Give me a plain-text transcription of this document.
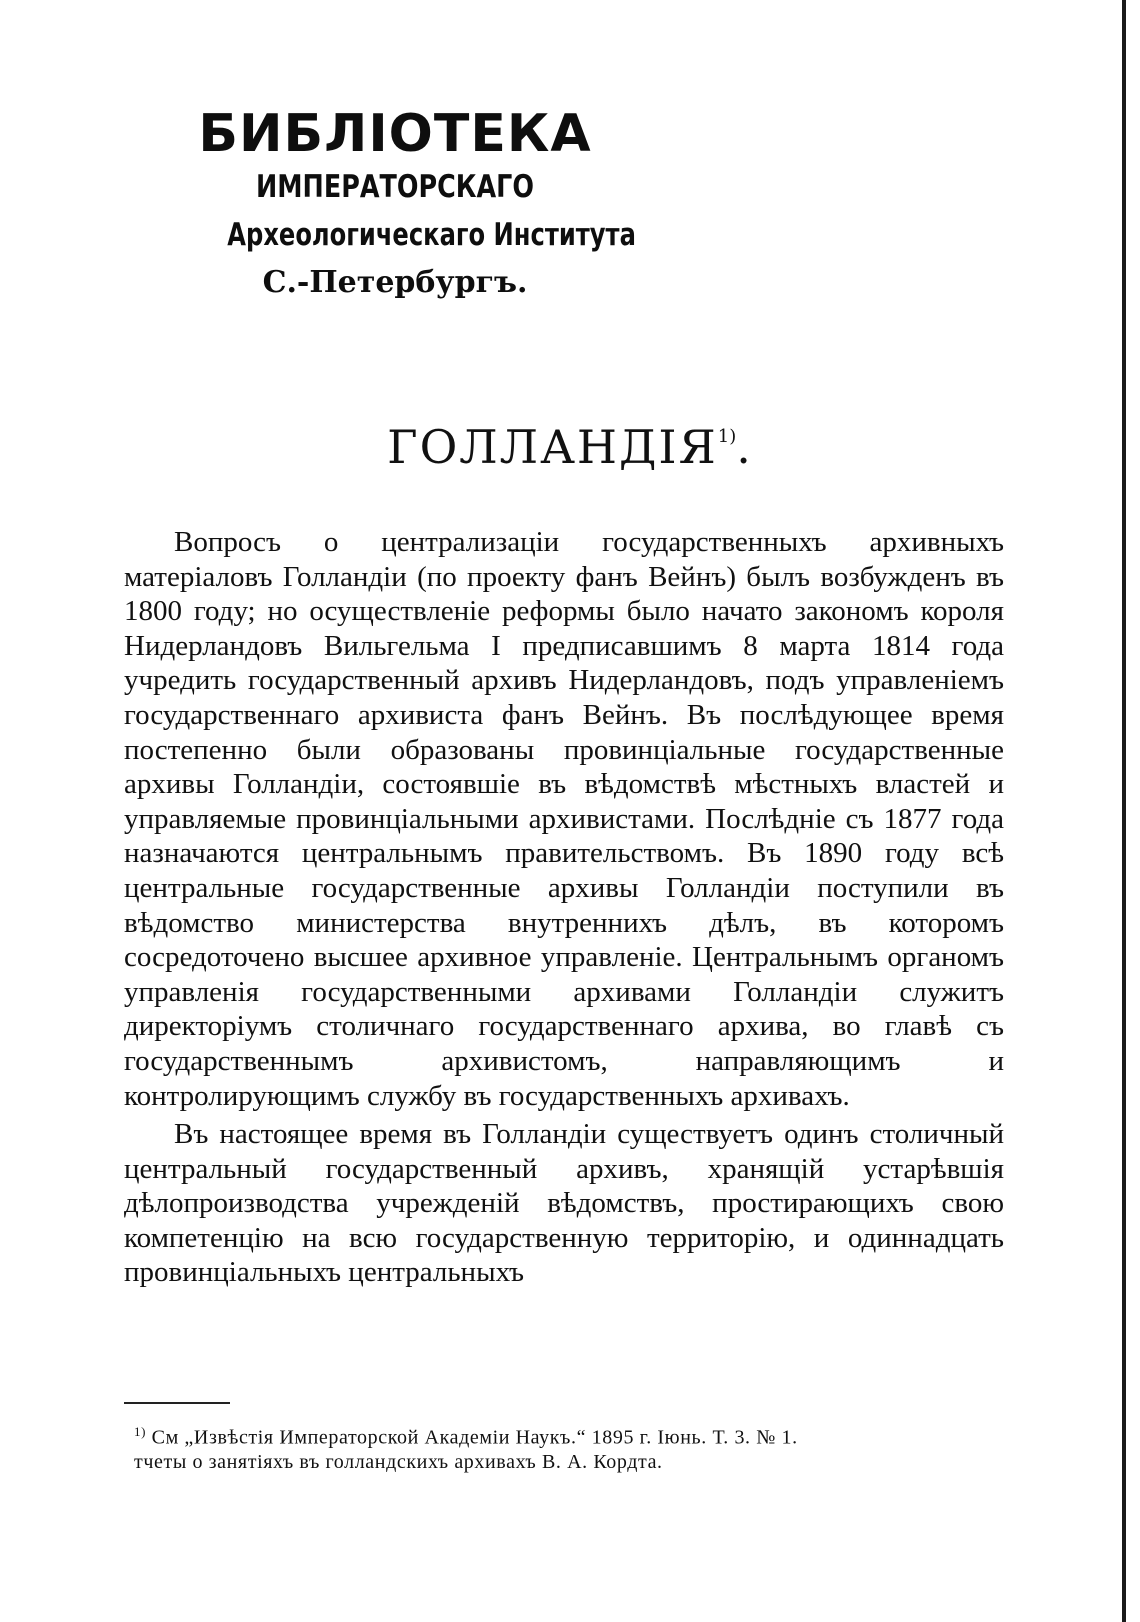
БИБЛІОТЕКА
ИМПЕРАТОРСКАГО
Археологическаго Института
С.-Петербургъ.
ГОЛЛАНДІЯ$^{1)}$.

Вопросъ о централизаціи государственныхъ архивныхъ матеріаловъ Голландіи (по проекту фанъ Вейнъ) былъ возбужденъ въ 1800 году; но осуществленіе реформы было начато закономъ короля Нидерландовъ Вильгельма I предписавшимъ 8 марта 1814 года учредить государственный архивъ Нидерландовъ, подъ управленіемъ государственнаго архивиста фанъ Вейнъ. Въ послѣдующее время постепенно были образованы провинціальные государственные архивы Голландіи, состоявшіе въ вѣдомствѣ мѣстныхъ властей и управляемые провинціальными архивистами. Послѣдніе съ 1877 года назначаются центральнымъ правительствомъ. Въ 1890 году всѣ центральные государственные архивы Голландіи поступили въ вѣдомство министерства внутреннихъ дѣлъ, въ которомъ сосредоточено высшее архивное управленіе. Центральнымъ органомъ управленія государственными архивами Голландіи служитъ директоріумъ столичнаго государственнаго архива, во главѣ съ государственнымъ архивистомъ, направляющимъ и контролирующимъ службу въ государственныхъ архивахъ.

Въ настоящее время въ Голландіи существуетъ одинъ столичный центральный государственный архивъ, хранящій устарѣвшія дѣлопроизводства учрежденій вѣдомствъ, простирающихъ свою компетенцію на всю государственную территорію, и одиннадцать провинціальныхъ центральныхъ

$^{1)}$ См „Извѣстія Императорской Академіи Наукъ.“ 1895 г. Іюнь. Т. 3. № 1.

тчеты о занятіяхъ въ голландскихъ архивахъ В. А. Кордта.
